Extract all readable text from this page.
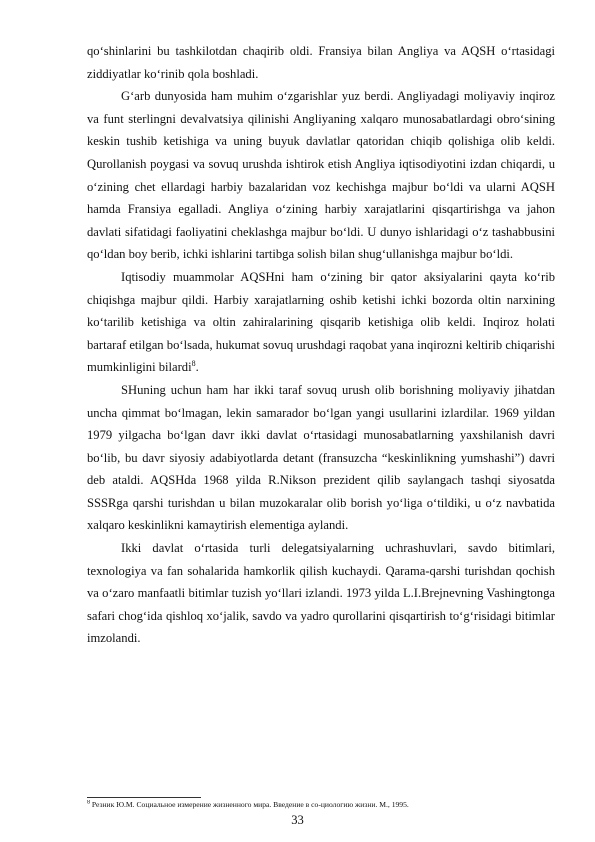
qo‘shinlarini bu tashkilotdan chaqirib oldi. Fransiya bilan Angliya va AQSH o‘rtasidagi ziddiyatlar ko‘rinib qola boshladi.

G‘arb dunyosida ham muhim o‘zgarishlar yuz berdi. Angliyadagi moliyaviy inqiroz va funt sterlingni devalvatsiya qilinishi Angliyaning xalqaro munosabatlardagi obro‘sining keskin tushib ketishiga va uning buyuk davlatlar qatoridan chiqib qolishiga olib keldi. Qurollanish poygasi va sovuq urushda ishtirok etish Angliya iqtisodiyotini izdan chiqardi, u o‘zining chet ellardagi harbiy bazalaridan voz kechishga majbur bo‘ldi va ularni AQSH hamda Fransiya egalladi. Angliya o‘zining harbiy xarajatlarini qisqartirishga va jahon davlati sifatidagi faoliyatini cheklashga majbur bo‘ldi. U dunyo ishlaridagi o‘z tashabbusini qo‘ldan boy berib, ichki ishlarini tartibga solish bilan shug‘ullanishga majbur bo‘ldi.

Iqtisodiy muammolar AQSHni ham o‘zining bir qator aksiyalarini qayta ko‘rib chiqishga majbur qildi. Harbiy xarajatlarning oshib ketishi ichki bozorda oltin narxining ko‘tarilib ketishiga va oltin zahiralarining qisqarib ketishiga olib keldi. Inqiroz holati bartaraf etilgan bo‘lsada, hukumat sovuq urushdagi raqobat yana inqirozni keltirib chiqarishi mumkinligini bilardi$^8$.

SHuning uchun ham har ikki taraf sovuq urush olib borishning moliyaviy jihatdan uncha qimmat bo‘lmagan, lekin samarador bo‘lgan yangi usullarini izlardilar. 1969 yildan 1979 yilgacha bo‘lgan davr ikki davlat o‘rtasidagi munosabatlarning yaxshilanish davri bo‘lib, bu davr siyosiy adabiyotlarda detant (fransuzcha “keskinlikning yumshashi”) davri deb ataldi. AQSHda 1968 yilda R.Nikson prezident qilib saylangach tashqi siyosatda SSSRga qarshi turishdan u bilan muzokaralar olib borish yo‘liga o‘tildiki, u o‘z navbatida xalqaro keskinlikni kamaytirish elementiga aylandi.

Ikki davlat o‘rtasida turli delegatsiyalarning uchrashuvlari, savdo bitimlari, texnologiya va fan sohalarida hamkorlik qilish kuchaydi. Qarama-qarshi turishdan qochish va o‘zaro manfaatli bitimlar tuzish yo‘llari izlandi. 1973 yilda L.I.Brejnevning Vashingtonga safari chog‘ida qishloq xo‘jalik, savdo va yadro qurollarini qisqartirish to‘g‘risidagi bitimlar imzolandi.

$^8$ Резник Ю.М. Социальное измерение жизненного мира. Введение в со-циологию жизни. М., 1995.
33
